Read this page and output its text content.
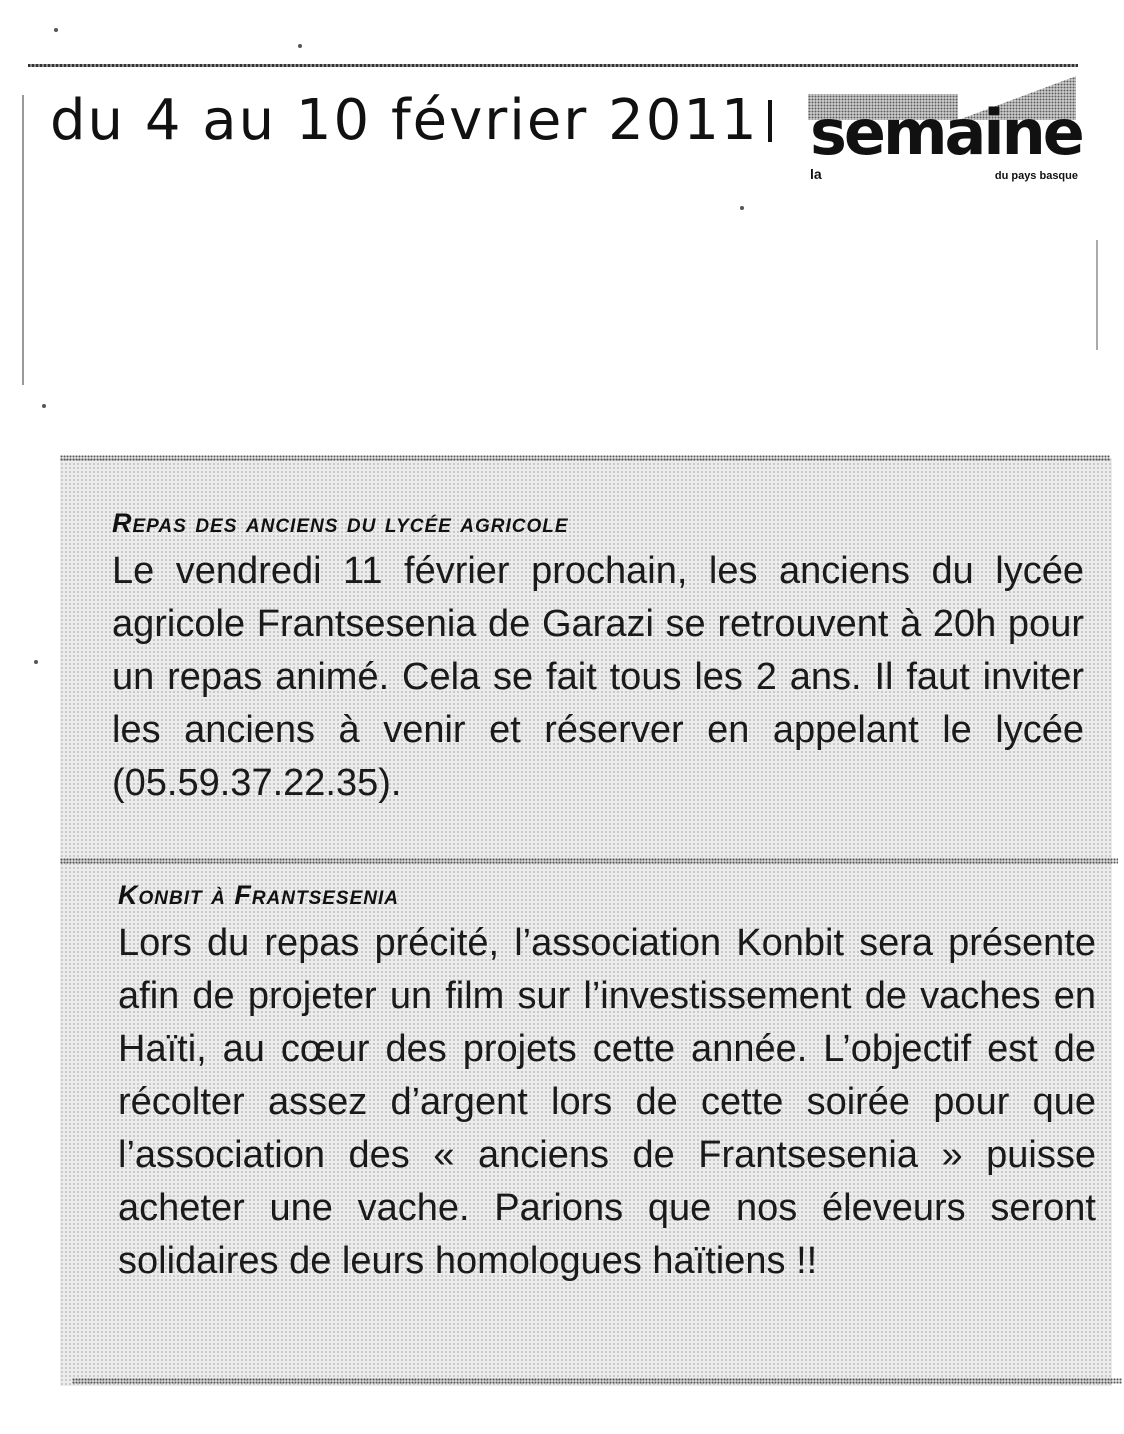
du 4 au 10 février 2011 semaine
la	du pays basque
Repas des anciens du lycée agricole

Le vendredi 11 février prochain, les anciens du lycée agricole Frantsesenia de Garazi se retrouvent à 20h pour un repas animé. Cela se fait tous les 2 ans. Il faut inviter les anciens à venir et réserver en appelant le lycée (05.59.37.22.35).

Konbit à Frantsesenia

Lors du repas précité, l’association Konbit sera présente afin de projeter un film sur l’investissement de vaches en Haïti, au cœur des projets cette année. L’objectif est de récolter assez d’argent lors de cette soirée pour que l’association des « anciens de Frantsesenia » puisse acheter une vache. Parions que nos éleveurs seront solidaires de leurs homologues haïtiens !!
